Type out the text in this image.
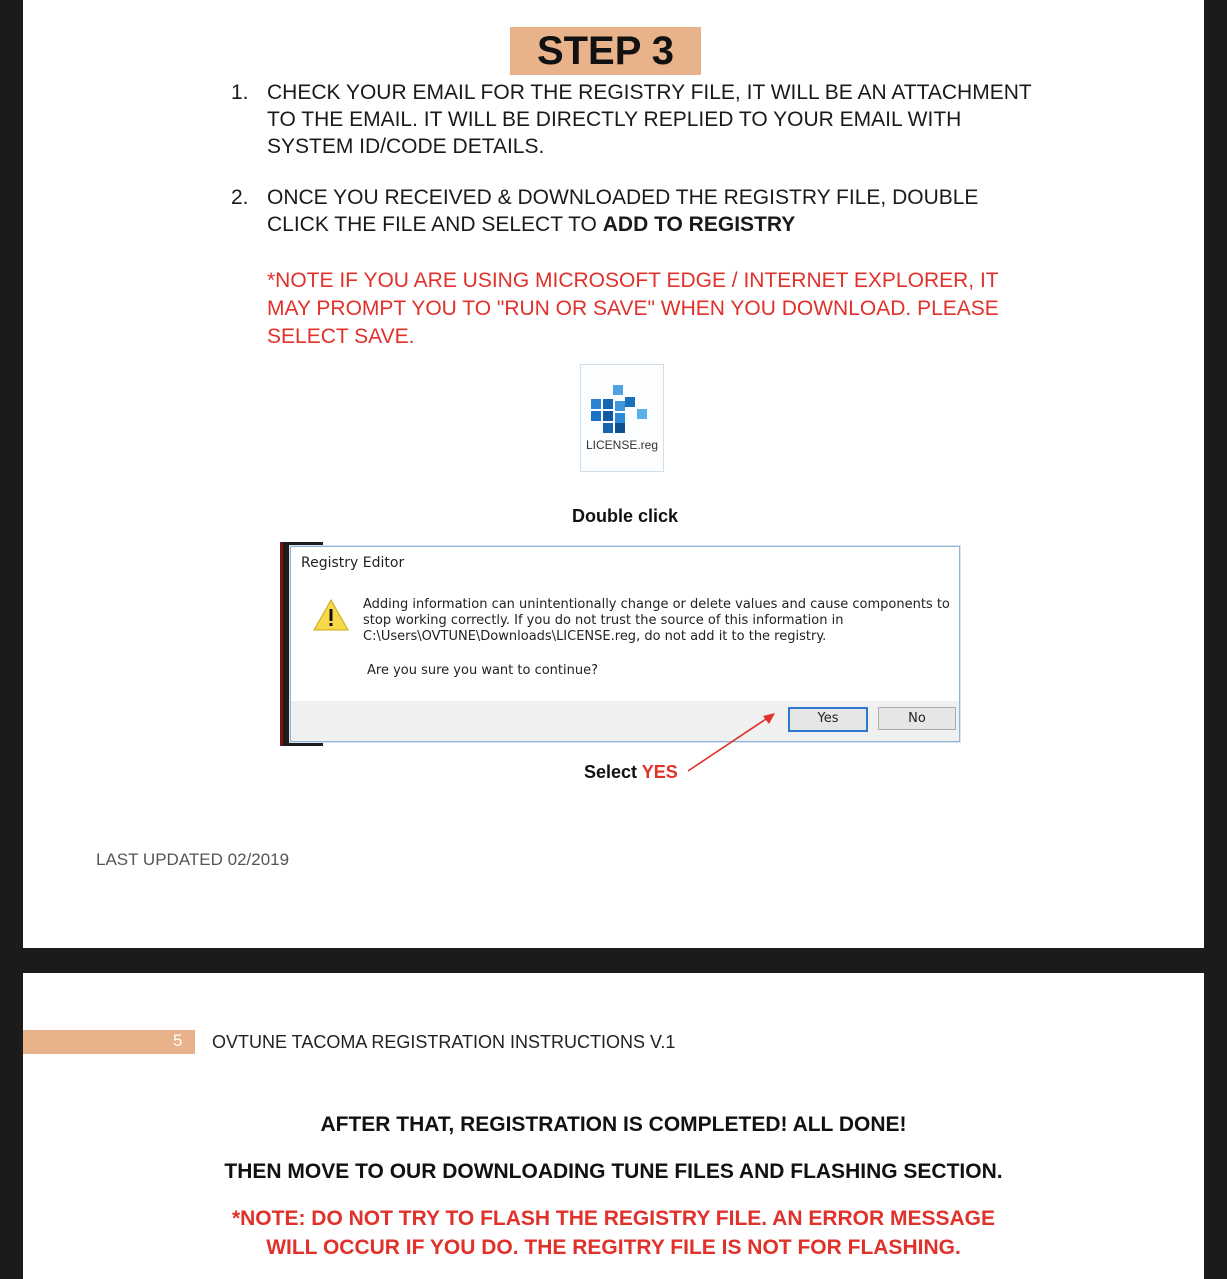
STEP 3
1. CHECK YOUR EMAIL FOR THE REGISTRY FILE, IT WILL BE AN ATTACHMENT TO THE EMAIL. IT WILL BE DIRECTLY REPLIED TO YOUR EMAIL WITH SYSTEM ID/CODE DETAILS.
2. ONCE YOU RECEIVED & DOWNLOADED THE REGISTRY FILE, DOUBLE CLICK THE FILE AND SELECT TO ADD TO REGISTRY
*NOTE IF YOU ARE USING MICROSOFT EDGE / INTERNET EXPLORER, IT MAY PROMPT YOU TO "RUN OR SAVE" WHEN YOU DOWNLOAD. PLEASE SELECT SAVE.
LICENSE.reg
Double click
Registry Editor
Adding information can unintentionally change or delete values and cause components to stop working correctly. If you do not trust the source of this information in C:\Users\OVTUNE\Downloads\LICENSE.reg, do not add it to the registry.
Are you sure you want to continue?
Yes	No
Select YES
LAST UPDATED 02/2019
5 OVTUNE TACOMA REGISTRATION INSTRUCTIONS V.1
AFTER THAT, REGISTRATION IS COMPLETED! ALL DONE!
THEN MOVE TO OUR DOWNLOADING TUNE FILES AND FLASHING SECTION.
*NOTE: DO NOT TRY TO FLASH THE REGISTRY FILE. AN ERROR MESSAGE
WILL OCCUR IF YOU DO. THE REGITRY FILE IS NOT FOR FLASHING.
